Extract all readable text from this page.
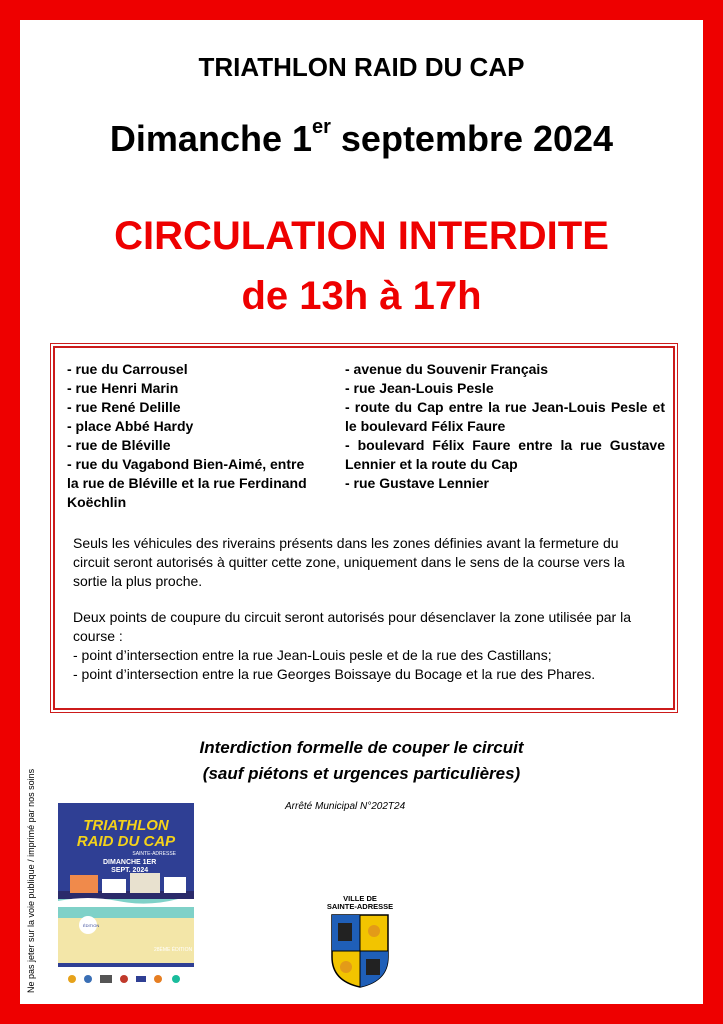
TRIATHLON RAID DU CAP
Dimanche 1er septembre 2024
CIRCULATION INTERDITE
de 13h à 17h
- rue du Carrousel
- rue Henri Marin
- rue René Delille
- place Abbé Hardy
- rue de Bléville
- rue du Vagabond Bien-Aimé, entre la rue de Bléville et la rue Ferdinand Koëchlin
- avenue du Souvenir Français
- rue Jean-Louis Pesle
- route du Cap entre la rue Jean-Louis Pesle et le boulevard Félix Faure
- boulevard Félix Faure entre la rue Gustave Lennier et la route du Cap
- rue Gustave Lennier
Seuls les véhicules des riverains présents dans les zones définies avant la fermeture du circuit seront autorisés à quitter cette zone, uniquement dans le sens de la course vers la sortie la plus proche.
Deux points de coupure du circuit seront autorisés pour désenclaver la zone utilisée par la course :
- point d’intersection entre la rue Jean-Louis pesle et de la rue des Castillans;
- point d’intersection entre la rue Georges Boissaye du Bocage et la rue des Phares.
Interdiction formelle de couper le circuit
(sauf piétons et urgences particulières)
Arrêté Municipal N°202T24
Ne pas jeter sur la voie publique / imprimé par nos soins	ÉDITION
28ÈME ÉDITION
TRIATHLON
RAID DU CAP
SAINTE-ADRESSE
DIMANCHE 1ER
SEPT. 2024
VILLE DE
SAINTE-ADRESSE
